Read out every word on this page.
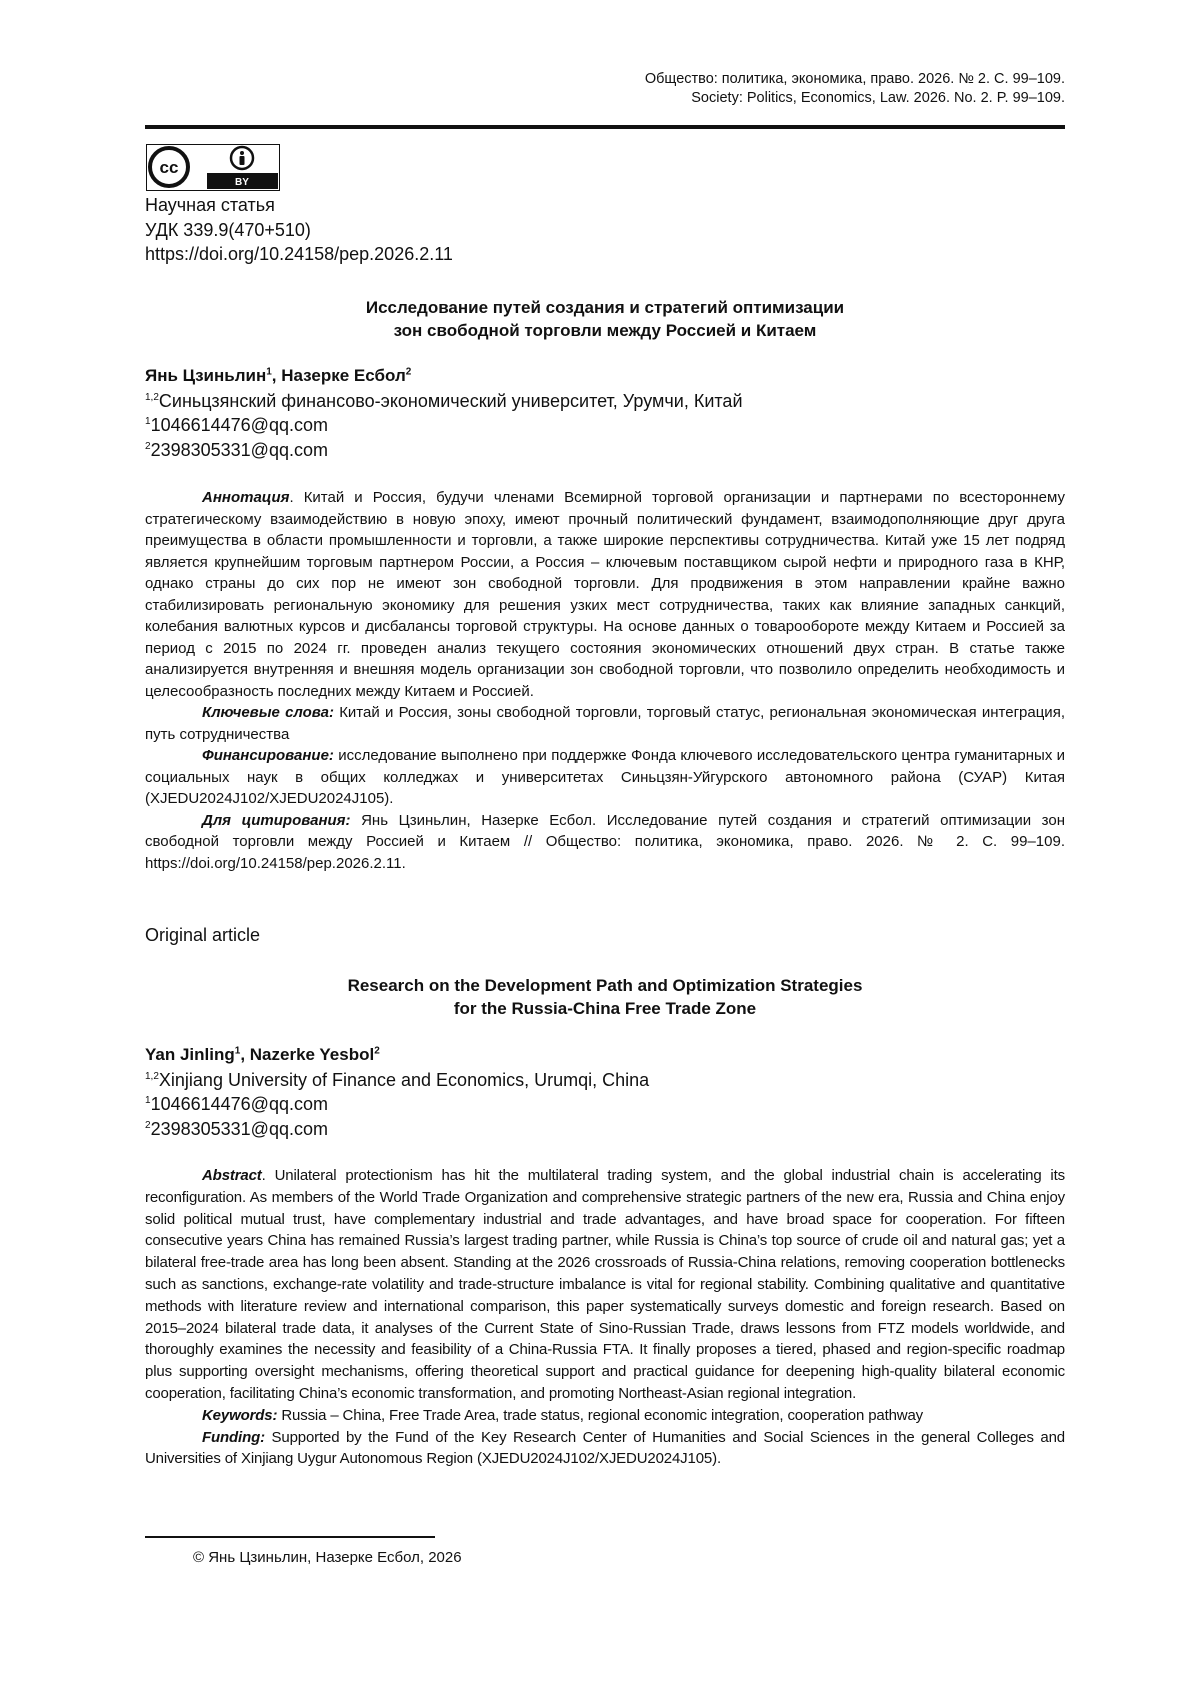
Общество: политика, экономика, право. 2026. № 2. С. 99–109.
Society: Politics, Economics, Law. 2026. No. 2. P. 99–109.
cc
BY
Научная статья
УДК 339.9(470+510)
https://doi.org/10.24158/pep.2026.2.11
Исследование путей создания и стратегий оптимизации
зон свободной торговли между Россией и Китаем
Янь Цзиньлин$^1$, Назерке Есбол$^2$
$^{1,2}$Синьцзянский финансово-экономический университет, Урумчи, Китай
$^1$1046614476@qq.com
$^2$2398305331@qq.com

Аннотация. Китай и Россия, будучи членами Всемирной торговой организации и партнерами по всестороннему стратегическому взаимодействию в новую эпоху, имеют прочный политический фундамент, взаимодополняющие друг друга преимущества в области промышленности и торговли, а также широкие перспективы сотрудничества. Китай уже 15 лет подряд является крупнейшим торговым партнером России, а Россия – ключевым поставщиком сырой нефти и природного газа в КНР, однако страны до сих пор не имеют зон свободной торговли. Для продвижения в этом направлении крайне важно стабилизировать региональную экономику для решения узких мест сотрудничества, таких как влияние западных санкций, колебания валютных курсов и дисбалансы торговой структуры. На основе данных о товарообороте между Китаем и Россией за период с 2015 по 2024 гг. проведен анализ текущего состояния экономических отношений двух стран. В статье также анализируется внутренняя и внешняя модель организации зон свободной торговли, что позволило определить необходимость и целесообразность последних между Китаем и Россией.

Ключевые слова: Китай и Россия, зоны свободной торговли, торговый статус, региональная экономическая интеграция, путь сотрудничества

Финансирование: исследование выполнено при поддержке Фонда ключевого исследовательского центра гуманитарных и социальных наук в общих колледжах и университетах Синьцзян-Уйгурского автономного района (СУАР) Китая (XJEDU2024J102/XJEDU2024J105).

Для цитирования: Янь Цзиньлин, Назерке Есбол. Исследование путей создания и стратегий оптимизации зон свободной торговли между Россией и Китаем // Общество: политика, экономика, право. 2026. № 2. С. 99–109. https://doi.org/10.24158/pep.2026.2.11.

Original article
Research on the Development Path and Optimization Strategies
for the Russia-China Free Trade Zone
Yan Jinling$^1$, Nazerke Yesbol$^2$
$^{1,2}$Xinjiang University of Finance and Economics, Urumqi, China
$^1$1046614476@qq.com
$^2$2398305331@qq.com

Abstract. Unilateral protectionism has hit the multilateral trading system, and the global industrial chain is accelerating its reconfiguration. As members of the World Trade Organization and comprehensive strategic partners of the new era, Russia and China enjoy solid political mutual trust, have complementary industrial and trade advantages, and have broad space for cooperation. For fifteen consecutive years China has remained Russia’s largest trading partner, while Russia is China’s top source of crude oil and natural gas; yet a bilateral free-trade area has long been absent. Standing at the 2026 crossroads of Russia-China relations, removing cooperation bottlenecks such as sanctions, exchange-rate volatility and trade-structure imbalance is vital for regional stability. Combining qualitative and quantitative methods with literature review and international comparison, this paper systematically surveys domestic and foreign research. Based on 2015–2024 bilateral trade data, it analyses of the Current State of Sino-Russian Trade, draws lessons from FTZ models worldwide, and thoroughly examines the necessity and feasibility of a China-Russia FTA. It finally proposes a tiered, phased and region-specific roadmap plus supporting oversight mechanisms, offering theoretical support and practical guidance for deepening high-quality bilateral economic cooperation, facilitating China’s economic transformation, and promoting Northeast-Asian regional integration.

Keywords: Russia – China, Free Trade Area, trade status, regional economic integration, cooperation pathway

Funding: Supported by the Fund of the Key Research Center of Humanities and Social Sciences in the general Colleges and Universities of Xinjiang Uygur Autonomous Region (XJEDU2024J102/XJEDU2024J105).

© Янь Цзиньлин, Назерке Есбол, 2026
